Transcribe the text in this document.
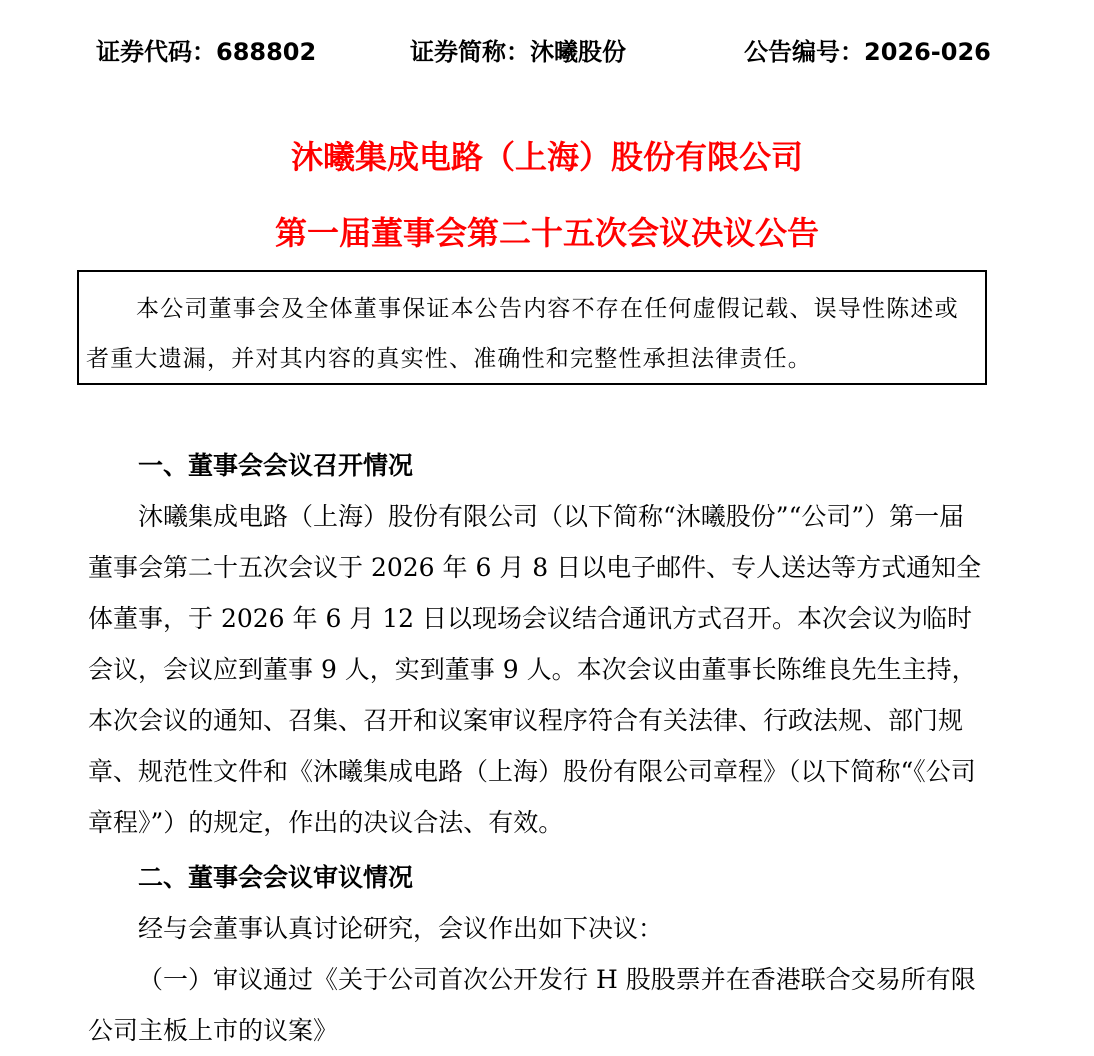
证券代码：688802	证券简称：沐曦股份	公告编号：2026-026
沐曦集成电路（上海）股份有限公司
第一届董事会第二十五次会议决议公告
本公司董事会及全体董事保证本公告内容不存在任何虚假记载、误导性陈述或者重大遗漏，并对其内容的真实性、准确性和完整性承担法律责任。

一、董事会会议召开情况

沐曦集成电路（上海）股份有限公司（以下简称“沐曦股份”“公司”）第一届董事会第二十五次会议于 2026 年 6 月 8 日以电子邮件、专人送达等方式通知全体董事，于 2026 年 6 月 12 日以现场会议结合通讯方式召开。本次会议为临时会议，会议应到董事 9 人，实到董事 9 人。本次会议由董事长陈维良先生主持，本次会议的通知、召集、召开和议案审议程序符合有关法律、行政法规、部门规章、规范性文件和《沐曦集成电路（上海）股份有限公司章程》（以下简称“《公司章程》”）的规定，作出的决议合法、有效。

二、董事会会议审议情况

经与会董事认真讨论研究，会议作出如下决议：

（一）审议通过《关于公司首次公开发行 H 股股票并在香港联合交易所有限公司主板上市的议案》
